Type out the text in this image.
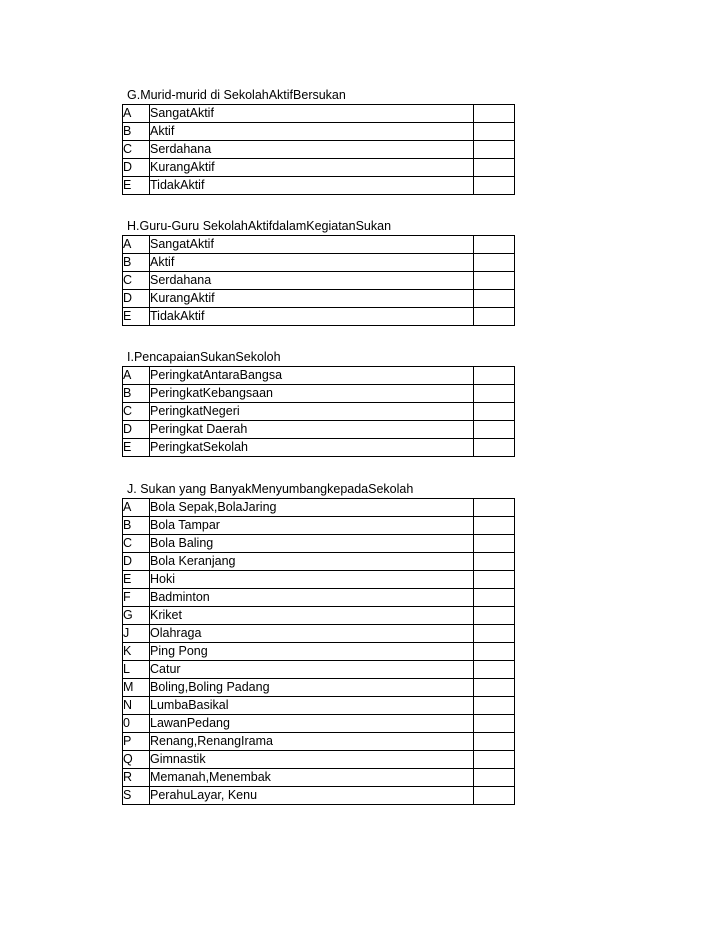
G.Murid-murid di SekolahAktifBersukan
A	SangatAktif	
B	Aktif	
C	Serdahana	
D	KurangAktif	
E	TidakAktif	
H.Guru-Guru SekolahAktifdalamKegiatanSukan
A	SangatAktif	
B	Aktif	
C	Serdahana	
D	KurangAktif	
E	TidakAktif	
I.PencapaianSukanSekoloh
A	PeringkatAntaraBangsa	
B	PeringkatKebangsaan	
C	PeringkatNegeri	
D	Peringkat Daerah	
E	PeringkatSekolah	
J. Sukan yang BanyakMenyumbangkepadaSekolah
A	Bola Sepak,BolaJaring	
B	Bola Tampar	
C	Bola Baling	
D	Bola Keranjang	
E	Hoki	
F	Badminton	
G	Kriket	
J	Olahraga	
K	Ping Pong	
L	Catur	
M	Boling,Boling Padang	
N	LumbaBasikal	
0	LawanPedang	
P	Renang,RenangIrama	
Q	Gimnastik	
R	Memanah,Menembak	
S	PerahuLayar, Kenu	
